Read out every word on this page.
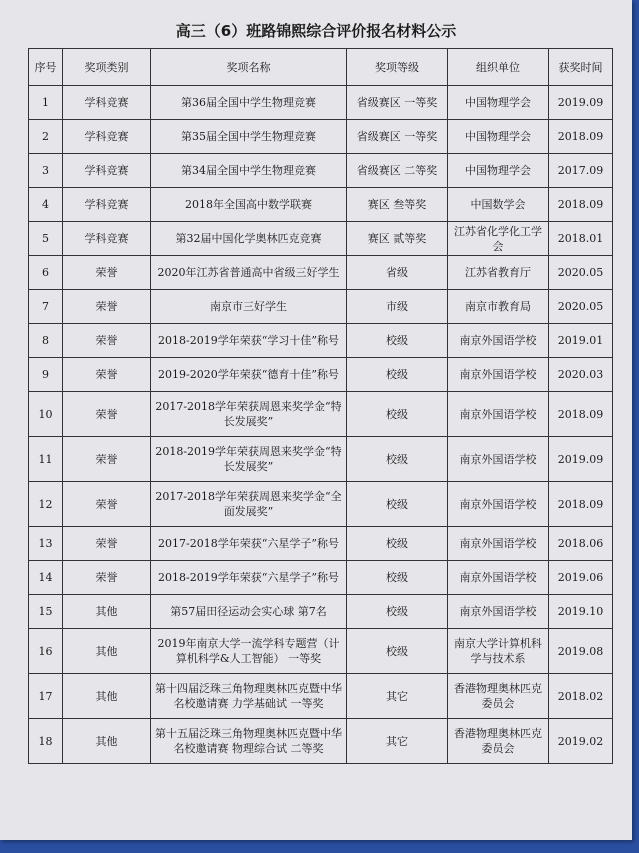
高三（6）班路锦熙综合评价报名材料公示
序号	奖项类别	奖项名称	奖项等级	组织单位	获奖时间
1	学科竞赛	第36届全国中学生物理竞赛	省级赛区 一等奖	中国物理学会	2019.09
2	学科竞赛	第35届全国中学生物理竞赛	省级赛区 一等奖	中国物理学会	2018.09
3	学科竞赛	第34届全国中学生物理竞赛	省级赛区 二等奖	中国物理学会	2017.09
4	学科竞赛	2018年全国高中数学联赛	赛区 叁等奖	中国数学会	2018.09
5	学科竞赛	第32届中国化学奥林匹克竞赛	赛区 贰等奖	江苏省化学化工学会	2018.01
6	荣誉	2020年江苏省普通高中省级三好学生	省级	江苏省教育厅	2020.05
7	荣誉	南京市三好学生	市级	南京市教育局	2020.05
8	荣誉	2018-2019学年荣获“学习十佳”称号	校级	南京外国语学校	2019.01
9	荣誉	2019-2020学年荣获“德育十佳”称号	校级	南京外国语学校	2020.03
10	荣誉	2017-2018学年荣获周恩来奖学金“特长发展奖”	校级	南京外国语学校	2018.09
11	荣誉	2018-2019学年荣获周恩来奖学金“特长发展奖”	校级	南京外国语学校	2019.09
12	荣誉	2017-2018学年荣获周恩来奖学金“全面发展奖”	校级	南京外国语学校	2018.09
13	荣誉	2017-2018学年荣获“六星学子”称号	校级	南京外国语学校	2018.06
14	荣誉	2018-2019学年荣获“六星学子”称号	校级	南京外国语学校	2019.06
15	其他	第57届田径运动会实心球 第7名	校级	南京外国语学校	2019.10
16	其他	2019年南京大学一流学科专题营（计算机科学&人工智能） 一等奖	校级	南京大学计算机科学与技术系	2019.08
17	其他	第十四届泛珠三角物理奥林匹克暨中华名校邀请赛 力学基础试 一等奖	其它	香港物理奥林匹克委员会	2018.02
18	其他	第十五届泛珠三角物理奥林匹克暨中华名校邀请赛 物理综合试 二等奖	其它	香港物理奥林匹克委员会	2019.02
